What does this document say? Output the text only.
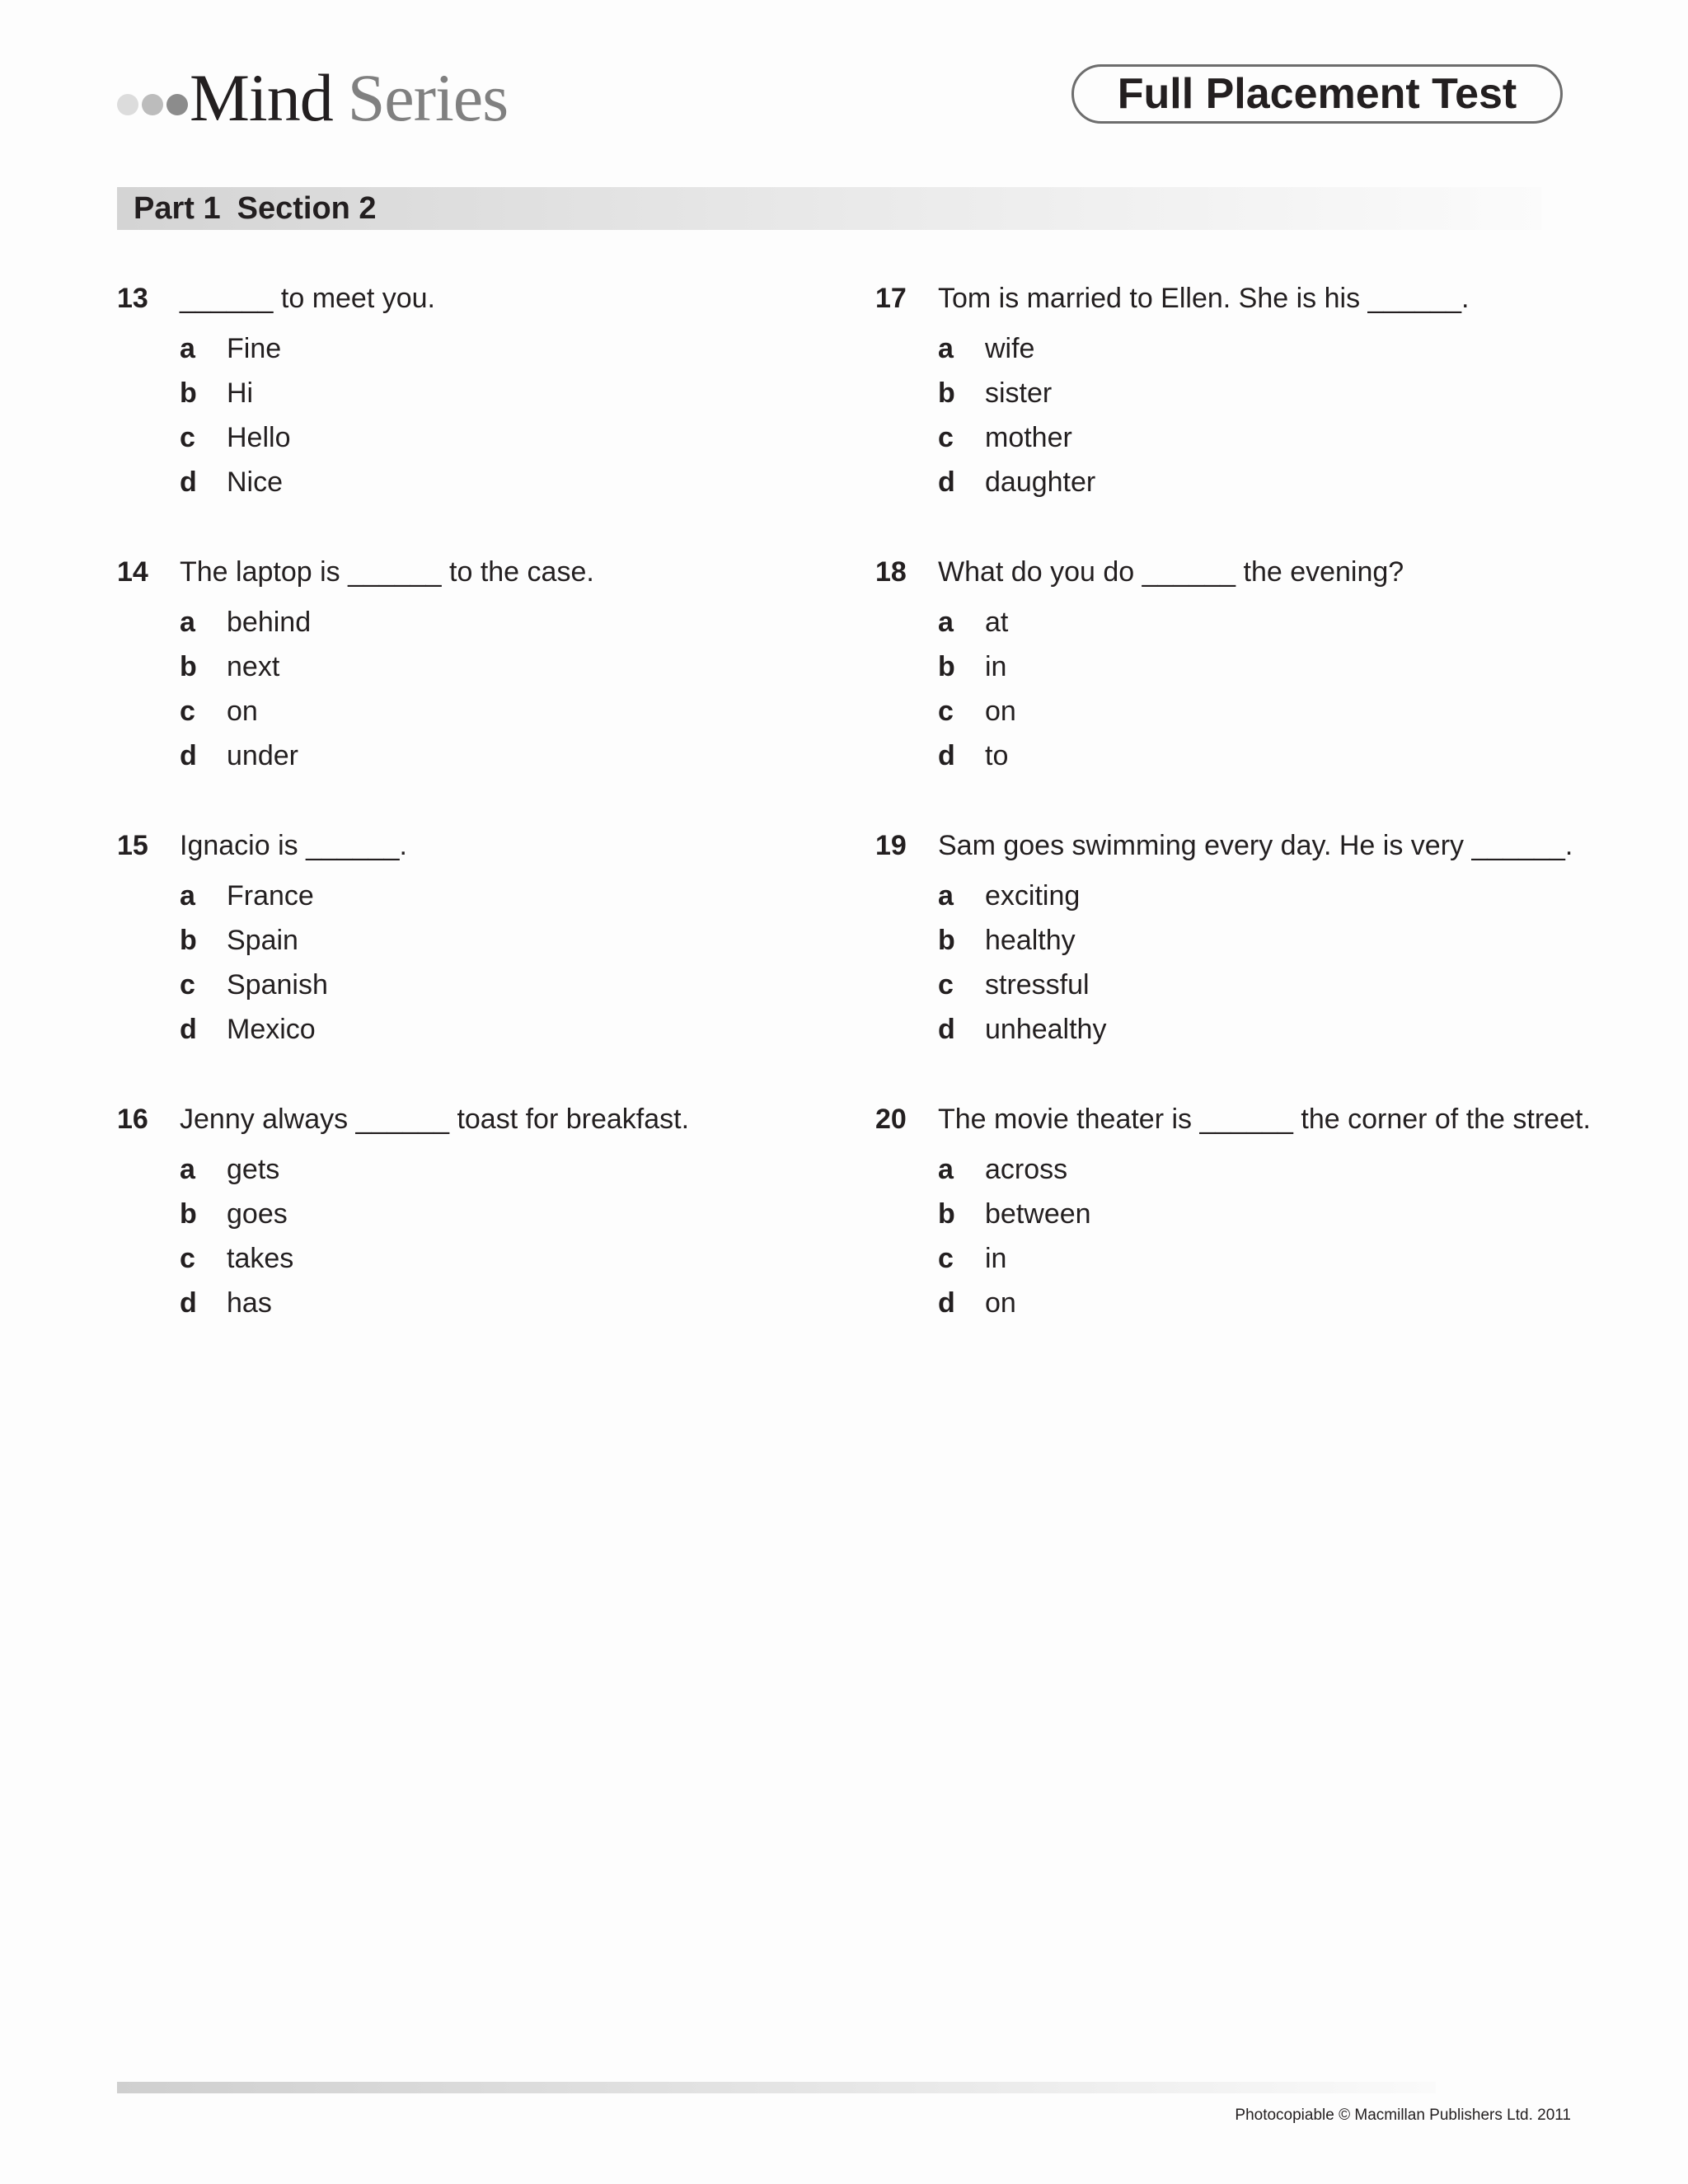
Mind Series	Full Placement Test
Part 1 Section 2
13 ______ to meet you.
a	Fine
b	Hi
c	Hello
d	Nice
14 The laptop is ______ to the case.
a	behind
b	next
c	on
d	under
15 Ignacio is ______.
a	France
b	Spain
c	Spanish
d	Mexico
16 Jenny always ______ toast for breakfast.
a	gets
b	goes
c	takes
d	has
17 Tom is married to Ellen. She is his ______.
a	wife
b	sister
c	mother
d	daughter
18 What do you do ______ the evening?
a	at
b	in
c	on
d	to
19 Sam goes swimming every day. He is very ______.
a	exciting
b	healthy
c	stressful
d	unhealthy
20 The movie theater is ______ the corner of the street.
a	across
b	between
c	in
d	on
Photocopiable © Macmillan Publishers Ltd. 2011
